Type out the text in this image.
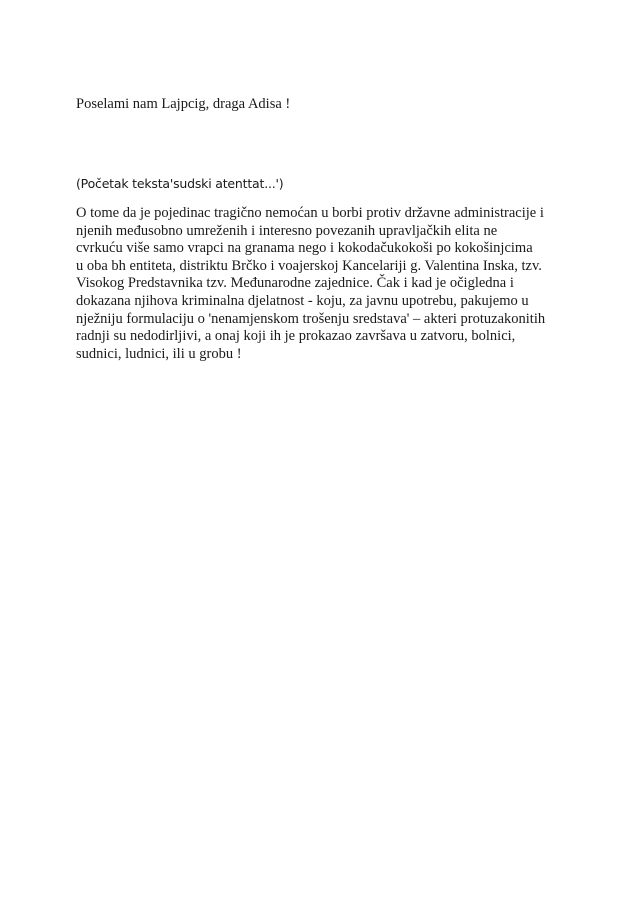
Poselami nam Lajpcig, draga Adisa !
(Početak teksta'sudski atenttat...')
O tome da je pojedinac tragično nemoćan u borbi protiv državne administracije i
njenih međusobno umreženih i interesno povezanih upravljačkih elita ne
cvrkuću više samo vrapci na granama nego i kokodačukokoši po kokošinjcima
u oba bh entiteta, distriktu Brčko i voajerskoj Kancelariji g. Valentina Inska, tzv.
Visokog Predstavnika tzv. Međunarodne zajednice. Čak i kad je očigledna i
dokazana njihova kriminalna djelatnost - koju, za javnu upotrebu, pakujemo u
nježniju formulaciju o 'nenamjenskom trošenju sredstava' – akteri protuzakonitih
radnji su nedodirljivi, a onaj koji ih je prokazao završava u zatvoru, bolnici,
sudnici, ludnici, ili u grobu !
